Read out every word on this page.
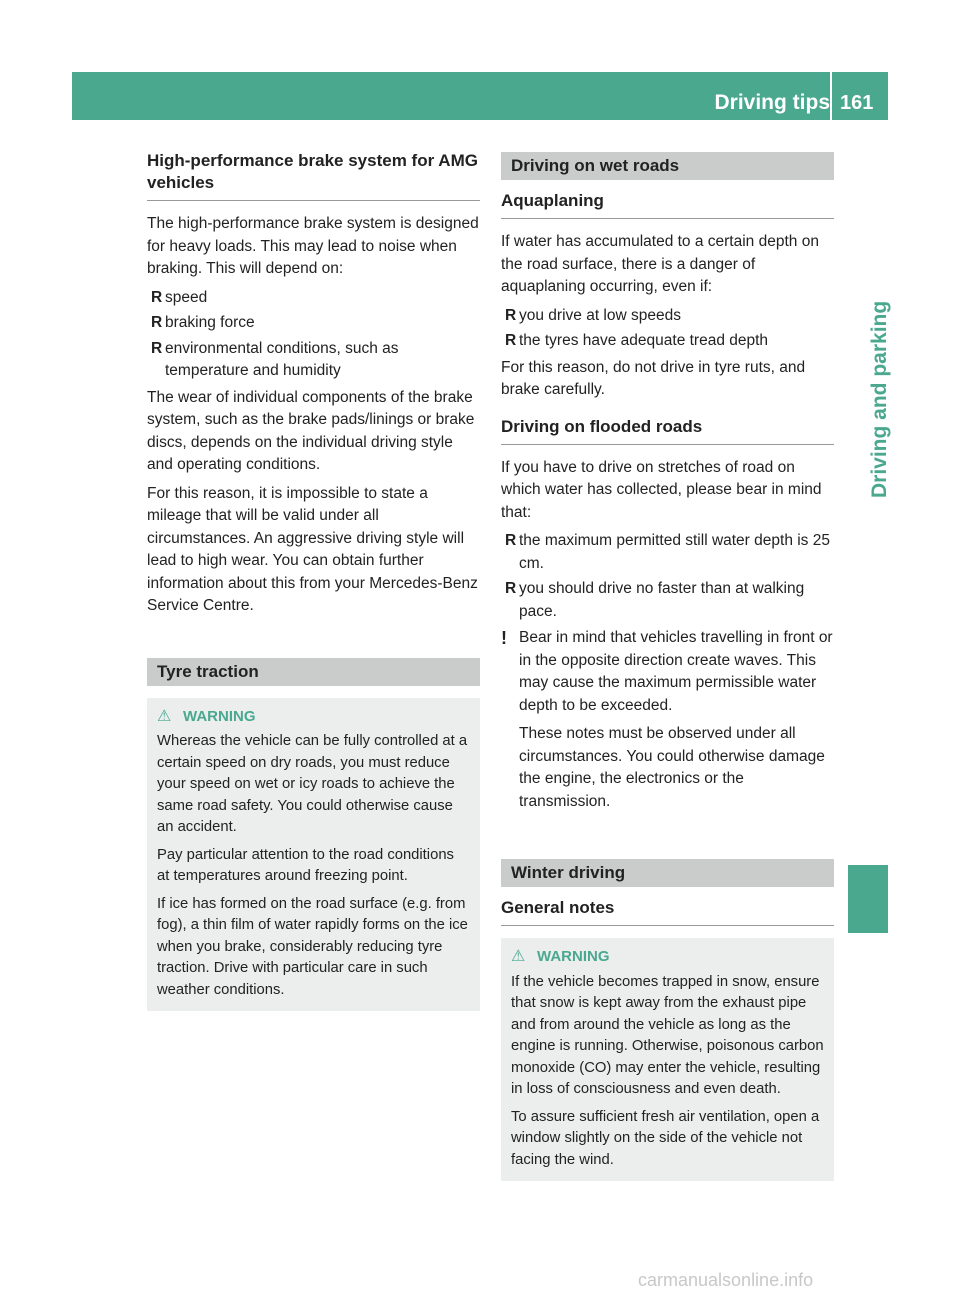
Driving tips 161
Driving and parking
High-performance brake system for AMG vehicles

The high-performance brake system is designed for heavy loads. This may lead to noise when braking. This will depend on:

R speed
R braking force
R environmental conditions, such as temperature and humidity

The wear of individual components of the brake system, such as the brake pads/linings or brake discs, depends on the individual driving style and operating conditions.

For this reason, it is impossible to state a mileage that will be valid under all circumstances. An aggressive driving style will lead to high wear. You can obtain further information about this from your Mercedes-Benz Service Centre.

Tyre traction
⚠ WARNING

Whereas the vehicle can be fully controlled at a certain speed on dry roads, you must reduce your speed on wet or icy roads to achieve the same road safety. You could otherwise cause an accident.

Pay particular attention to the road conditions at temperatures around freezing point.

If ice has formed on the road surface (e.g. from fog), a thin film of water rapidly forms on the ice when you brake, considerably reducing tyre traction. Drive with particular care in such weather conditions.

Driving on wet roads
Aquaplaning

If water has accumulated to a certain depth on the road surface, there is a danger of aquaplaning occurring, even if:

R you drive at low speeds
R the tyres have adequate tread depth

For this reason, do not drive in tyre ruts, and brake carefully.

Driving on flooded roads

If you have to drive on stretches of road on which water has collected, please bear in mind that:

R the maximum permitted still water depth is 25 cm.
R you should drive no faster than at walking pace.
! Bear in mind that vehicles travelling in front or in the opposite direction create waves. This may cause the maximum permissible water depth to be exceeded.

These notes must be observed under all circumstances. You could otherwise damage the engine, the electronics or the transmission.

Winter driving
General notes
⚠ WARNING

If the vehicle becomes trapped in snow, ensure that snow is kept away from the exhaust pipe and from around the vehicle as long as the engine is running. Otherwise, poisonous carbon monoxide (CO) may enter the vehicle, resulting in loss of consciousness and even death.

To assure sufficient fresh air ventilation, open a window slightly on the side of the vehicle not facing the wind.

carmanualsonline.info
